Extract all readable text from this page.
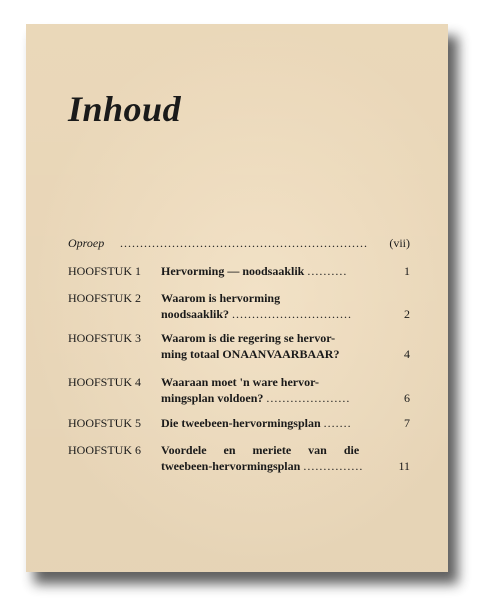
Inhoud
Oproep ..............................................................	(vii)
HOOFSTUK 1 Hervorming — noodsaaklik ..........	1
HOOFSTUK 2 Waarom is hervorming
noodsaaklik? ..............................	2
HOOFSTUK 3 Waarom is die regering se hervor-
ming totaal ONAANVAARBAAR?	4
HOOFSTUK 4 Waaraan moet 'n ware hervor-
mingsplan voldoen? .....................	6
HOOFSTUK 5 Die tweebeen-hervormingsplan .......	7
HOOFSTUK 6 Voordele en meriete van die
tweebeen-hervormingsplan ...............	11
